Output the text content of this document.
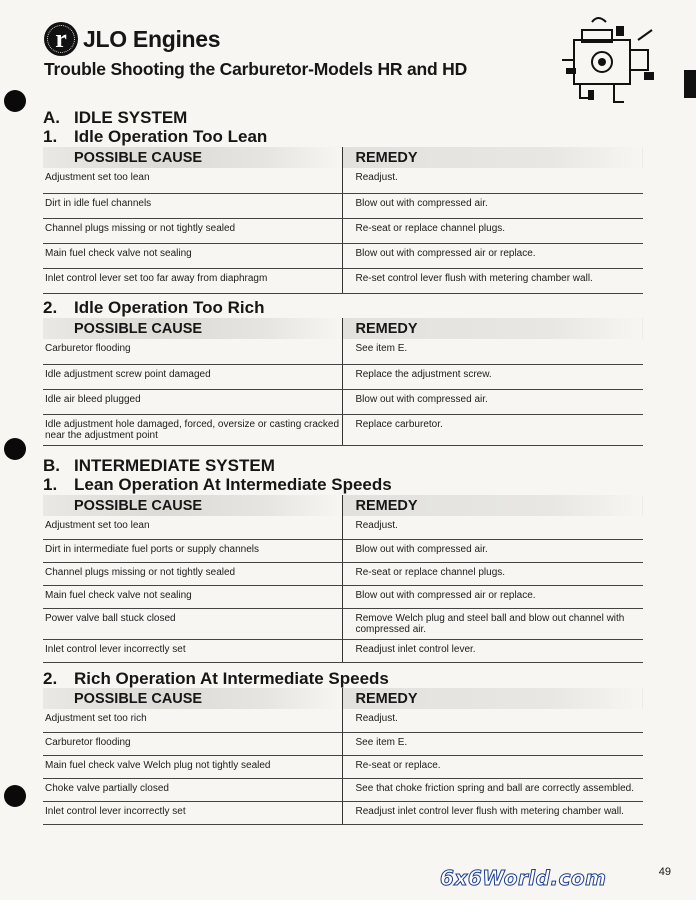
r JLO Engines
Trouble Shooting the Carburetor-Models HR and HD
A. IDLE SYSTEM
1. Idle Operation Too Lean
POSSIBLE CAUSE	REMEDY
Adjustment set too lean	Readjust.
Dirt in idle fuel channels	Blow out with compressed air.
Channel plugs missing or not tightly sealed	Re-seat or replace channel plugs.
Main fuel check valve not sealing	Blow out with compressed air or replace.
Inlet control lever set too far away from diaphragm	Re-set control lever flush with metering chamber wall.
2. Idle Operation Too Rich
POSSIBLE CAUSE	REMEDY
Carburetor flooding	See item E.
Idle adjustment screw point damaged	Replace the adjustment screw.
Idle air bleed plugged	Blow out with compressed air.
Idle adjustment hole damaged, forced, oversize or casting cracked near the adjustment point	Replace carburetor.
B. INTERMEDIATE SYSTEM
1. Lean Operation At Intermediate Speeds
POSSIBLE CAUSE	REMEDY
Adjustment set too lean	Readjust.
Dirt in intermediate fuel ports or supply channels	Blow out with compressed air.
Channel plugs missing or not tightly sealed	Re-seat or replace channel plugs.
Main fuel check valve not sealing	Blow out with compressed air or replace.
Power valve ball stuck closed	Remove Welch plug and steel ball and blow out channel with compressed air.
Inlet control lever incorrectly set	Readjust inlet control lever.
2. Rich Operation At Intermediate Speeds
POSSIBLE CAUSE	REMEDY
Adjustment set too rich	Readjust.
Carburetor flooding	See item E.
Main fuel check valve Welch plug not tightly sealed	Re-seat or replace.
Choke valve partially closed	See that choke friction spring and ball are correctly assembled.
Inlet control lever incorrectly set	Readjust inlet control lever flush with metering chamber wall.
49
6x6World.com
